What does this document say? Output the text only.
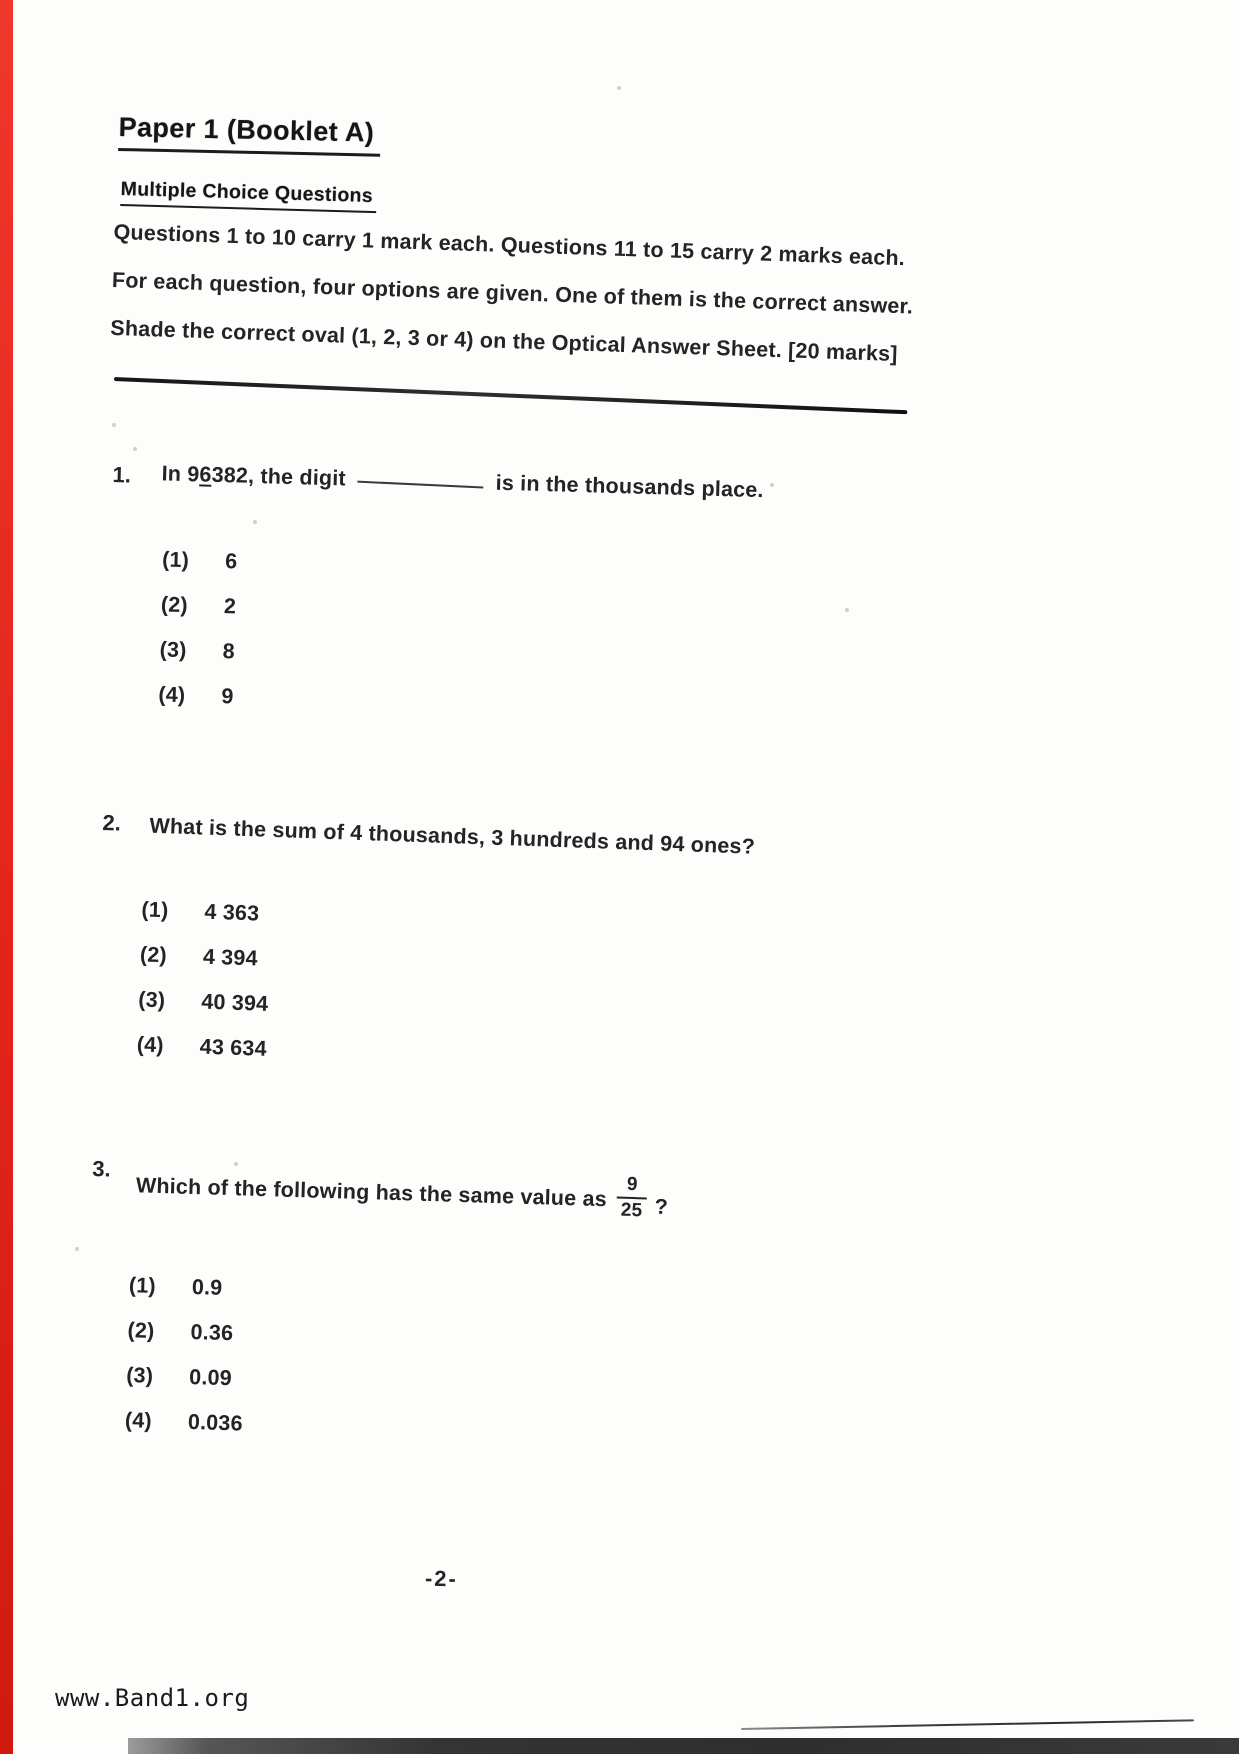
Paper 1 (Booklet A)
Multiple Choice Questions
Questions 1 to 10 carry 1 mark each. Questions 11 to 15 carry 2 marks each.
For each question, four options are given. One of them is the correct answer.
Shade the correct oval (1, 2, 3 or 4) on the Optical Answer Sheet. [20 marks]
1. In 9 6 382, the digit	is in the thousands place.
(1)	6
(2)	2
(3)	8
(4)	9
2. What is the sum of 4 thousands, 3 hundreds and 94 ones?
(1)	4 363
(2)	4 394
(3)	40 394
(4)	43 634
3.
Which of the following has the same value as $\frac{9}{25}$ ?
(1)	0.9
(2)	0.36
(3)	0.09
(4)	0.036
-2-
www.Band1.org
